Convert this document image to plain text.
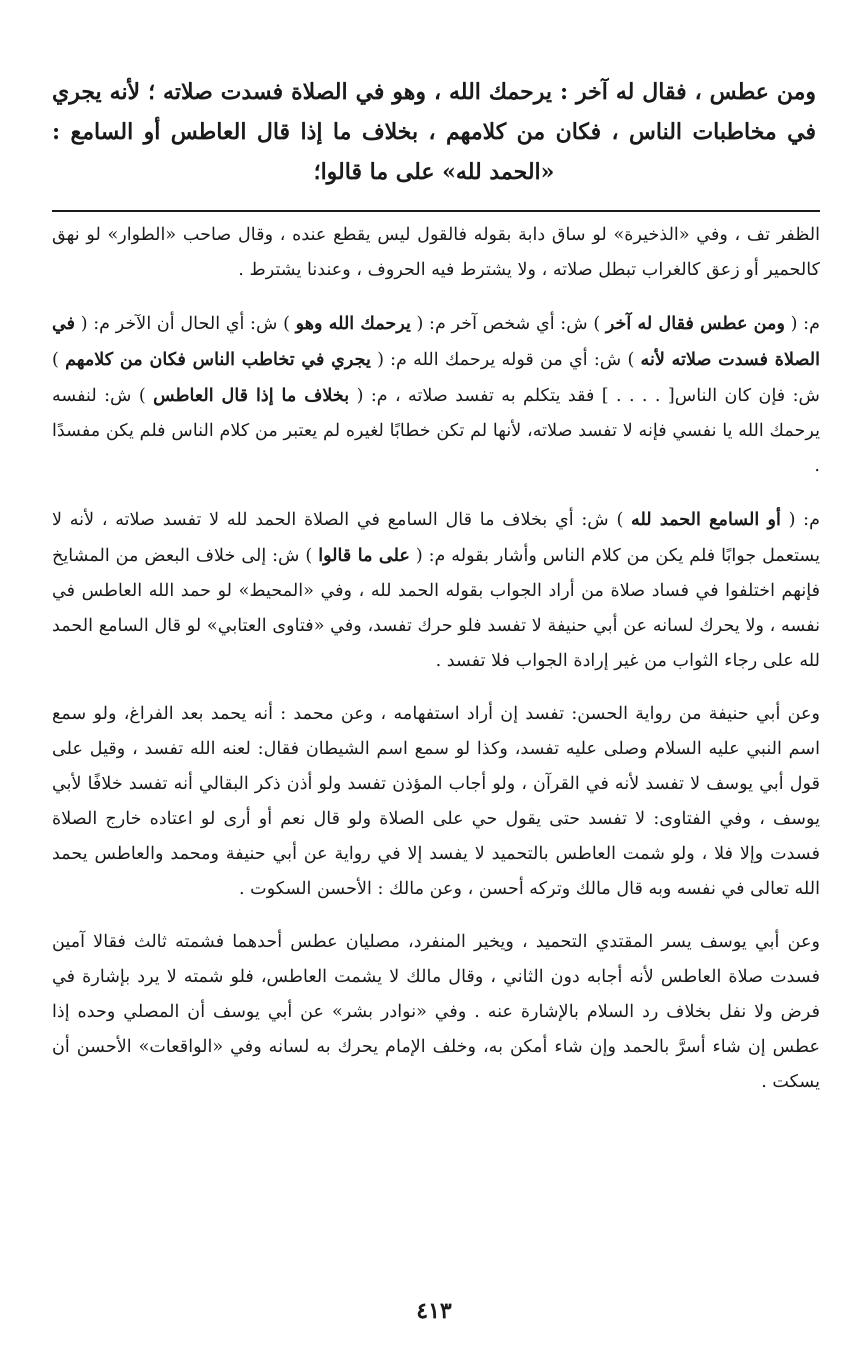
ومن عطس ، فقال له آخر : يرحمك الله ، وهو في الصلاة فسدت صلاته ؛ لأنه يجري في مخاطبات الناس ، فكان من كلامهم ، بخلاف ما إذا قال العاطس أو السامع : «الحمد لله» على ما قالوا؛

الظفر تف ، وفي «الذخيرة» لو ساق دابة بقوله فالقول ليس يقطع عنده ، وقال صاحب «الطوار» لو نهق كالحمير أو زعق كالغراب تبطل صلاته ، ولا يشترط فيه الحروف ، وعندنا يشترط .

م: ( ومن عطس فقال له آخر ) ش: أي شخص آخر م: ( يرحمك الله وهو ) ش: أي الحال أن الآخر م: ( في الصلاة فسدت صلاته لأنه ) ش: أي من قوله يرحمك الله م: ( يجري في تخاطب الناس فكان من كلامهم ) ش: فإن كان الناس[ . . . . ] فقد يتكلم به تفسد صلاته ، م: ( بخلاف ما إذا قال العاطس ) ش: لنفسه يرحمك الله يا نفسي فإنه لا تفسد صلاته، لأنها لم تكن خطابًا لغيره لم يعتبر من كلام الناس فلم يكن مفسدًا .

م: ( أو السامع الحمد لله ) ش: أي بخلاف ما قال السامع في الصلاة الحمد لله لا تفسد صلاته ، لأنه لا يستعمل جوابًا فلم يكن من كلام الناس وأشار بقوله م: ( على ما قالوا ) ش: إلى خلاف البعض من المشايخ فإنهم اختلفوا في فساد صلاة من أراد الجواب بقوله الحمد لله ، وفي «المحيط» لو حمد الله العاطس في نفسه ، ولا يحرك لسانه عن أبي حنيفة لا تفسد فلو حرك تفسد، وفي «فتاوى العتابي» لو قال السامع الحمد لله على رجاء الثواب من غير إرادة الجواب فلا تفسد .

وعن أبي حنيفة من رواية الحسن: تفسد إن أراد استفهامه ، وعن محمد : أنه يحمد بعد الفراغ، ولو سمع اسم النبي عليه السلام وصلى عليه تفسد، وكذا لو سمع اسم الشيطان فقال: لعنه الله تفسد ، وقيل على قول أبي يوسف لا تفسد لأنه في القرآن ، ولو أجاب المؤذن تفسد ولو أذن ذكر البقالي أنه تفسد خلافًا لأبي يوسف ، وفي الفتاوى: لا تفسد حتى يقول حي على الصلاة ولو قال نعم أو أرى لو اعتاده خارج الصلاة فسدت وإلا فلا ، ولو شمت العاطس بالتحميد لا يفسد إلا في رواية عن أبي حنيفة ومحمد والعاطس يحمد الله تعالى في نفسه وبه قال مالك وتركه أحسن ، وعن مالك : الأحسن السكوت .

وعن أبي يوسف يسر المقتدي التحميد ، ويخير المنفرد، مصليان عطس أحدهما فشمته ثالث فقالا آمين فسدت صلاة العاطس لأنه أجابه دون الثاني ، وقال مالك لا يشمت العاطس، فلو شمته لا يرد بإشارة في فرض ولا نفل بخلاف رد السلام بالإشارة عنه . وفي «نوادر بشر» عن أبي يوسف أن المصلي وحده إذا عطس إن شاء أسرَّ بالحمد وإن شاء أمكن به، وخلف الإمام يحرك به لسانه وفي «الواقعات» الأحسن أن يسكت .

٤١٣
